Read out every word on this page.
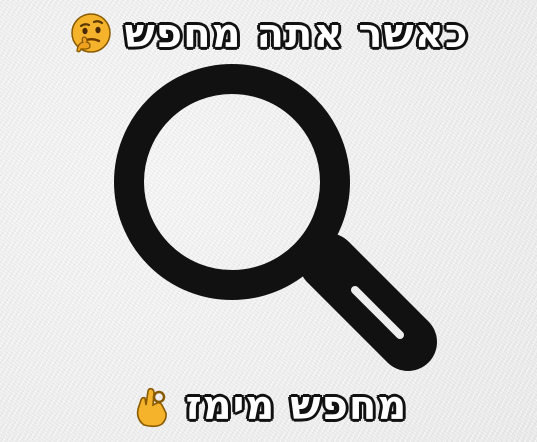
כאשר אתה מחפש
מחפש מימז
